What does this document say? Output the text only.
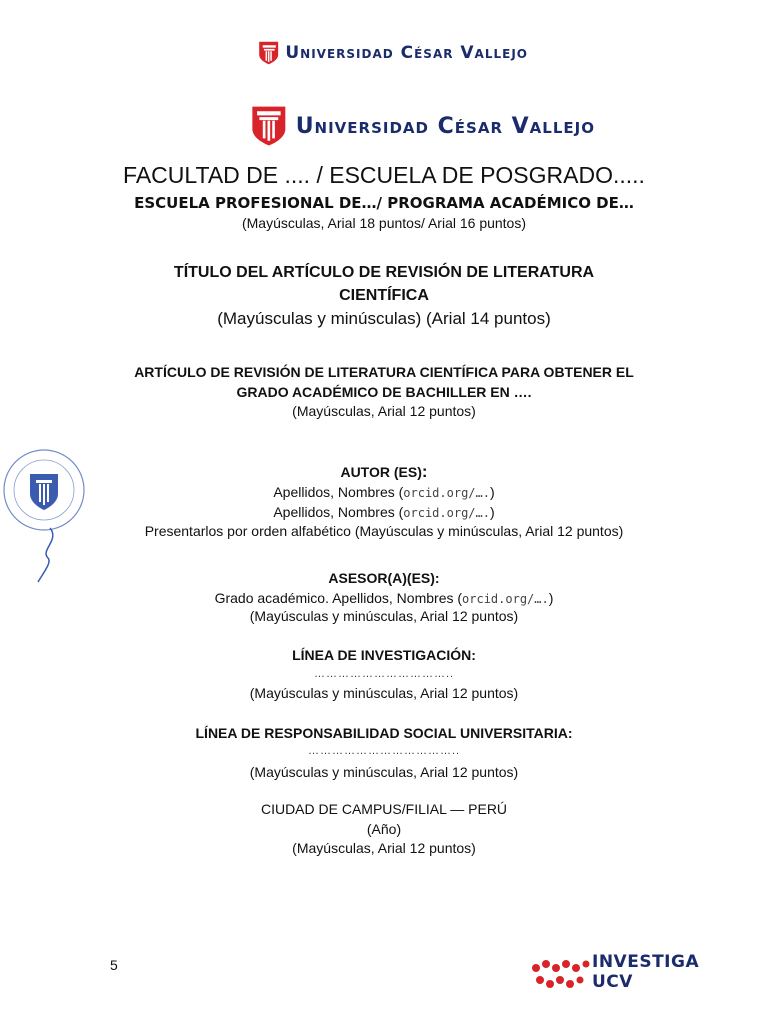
Universidad César Vallejo
Universidad César Vallejo
FACULTAD DE .... / ESCUELA DE POSGRADO.....
ESCUELA PROFESIONAL DE…/ PROGRAMA ACADÉMICO DE…
(Mayúsculas, Arial 18 puntos/ Arial 16 puntos)
TÍTULO DEL ARTÍCULO DE REVISIÓN DE LITERATURA
CIENTÍFICA
(Mayúsculas y minúsculas) (Arial 14 puntos)
ARTÍCULO DE REVISIÓN DE LITERATURA CIENTÍFICA PARA OBTENER EL
GRADO ACADÉMICO DE BACHILLER EN ….
(Mayúsculas, Arial 12 puntos)
AUTOR (ES):
Apellidos, Nombres (orcid.org/….)
Apellidos, Nombres (orcid.org/….)
Presentarlos por orden alfabético (Mayúsculas y minúsculas, Arial 12 puntos)
ASESOR(A)(ES):
Grado académico. Apellidos, Nombres (orcid.org/….)
(Mayúsculas y minúsculas, Arial 12 puntos)
LÍNEA DE INVESTIGACIÓN:
……………………………..
(Mayúsculas y minúsculas, Arial 12 puntos)
LÍNEA DE RESPONSABILIDAD SOCIAL UNIVERSITARIA:
………………………………..
(Mayúsculas y minúsculas, Arial 12 puntos)
CIUDAD DE CAMPUS/FILIAL — PERÚ
(Año)
(Mayúsculas, Arial 12 puntos)
5	INVESTIGA
UCV
